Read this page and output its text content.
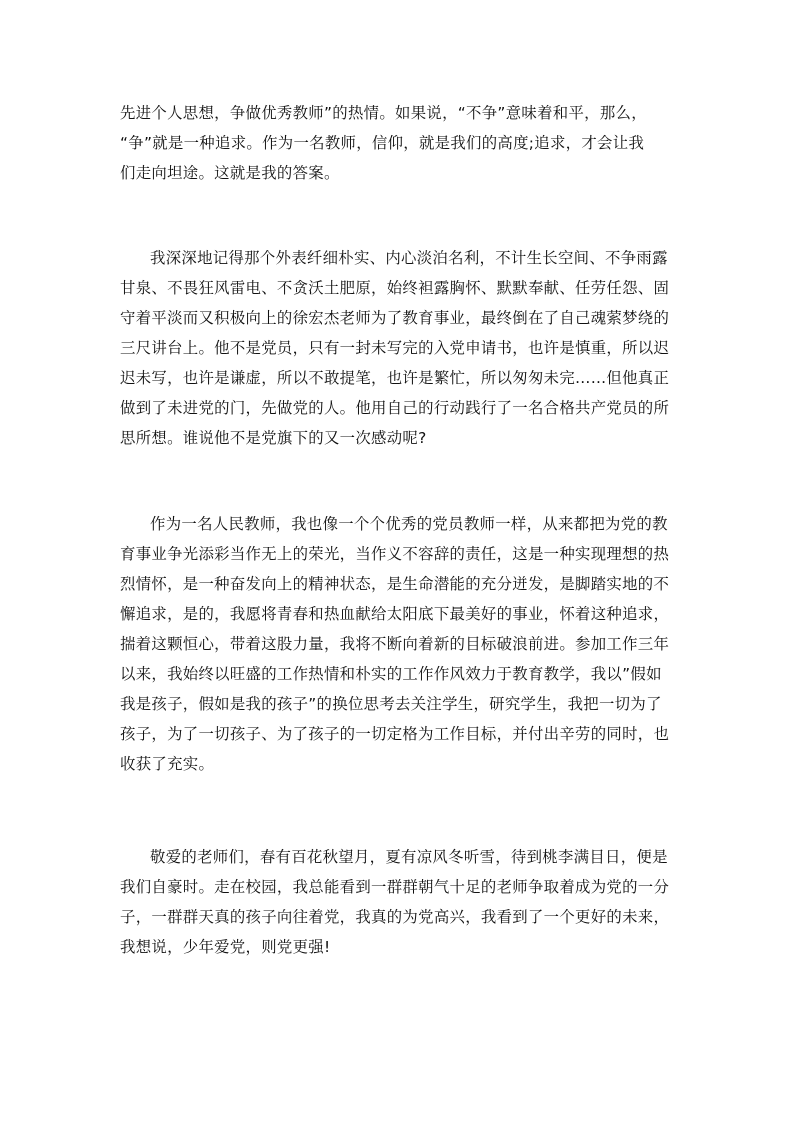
先进个人思想，争做优秀教师”的热情。如果说，“不争”意味着和平，那么，
“争”就是一种追求。作为一名教师，信仰，就是我们的高度;追求，才会让我
们走向坦途。这就是我的答案。

我深深地记得那个外表纤细朴实、内心淡泊名利，不计生长空间、不争雨露
甘泉、不畏狂风雷电、不贪沃土肥原，始终袒露胸怀、默默奉献、任劳任怨、固
守着平淡而又积极向上的徐宏杰老师为了教育事业，最终倒在了自己魂萦梦绕的
三尺讲台上。他不是党员，只有一封未写完的入党申请书，也许是慎重，所以迟
迟未写，也许是谦虚，所以不敢提笔，也许是繁忙，所以匆匆未完……但他真正
做到了未进党的门，先做党的人。他用自己的行动践行了一名合格共产党员的所
思所想。谁说他不是党旗下的又一次感动呢?

作为一名人民教师，我也像一个个优秀的党员教师一样，从来都把为党的教
育事业争光添彩当作无上的荣光，当作义不容辞的责任，这是一种实现理想的热
烈情怀，是一种奋发向上的精神状态，是生命潜能的充分迸发，是脚踏实地的不
懈追求，是的，我愿将青春和热血献给太阳底下最美好的事业，怀着这种追求，
揣着这颗恒心，带着这股力量，我将不断向着新的目标破浪前进。参加工作三年
以来，我始终以旺盛的工作热情和朴实的工作作风效力于教育教学，我以”假如
我是孩子，假如是我的孩子”的换位思考去关注学生，研究学生，我把一切为了
孩子，为了一切孩子、为了孩子的一切定格为工作目标，并付出辛劳的同时，也
收获了充实。

敬爱的老师们，春有百花秋望月，夏有凉风冬听雪，待到桃李满目日，便是
我们自豪时。走在校园，我总能看到一群群朝气十足的老师争取着成为党的一分
子，一群群天真的孩子向往着党，我真的为党高兴，我看到了一个更好的未来，
我想说，少年爱党，则党更强!
